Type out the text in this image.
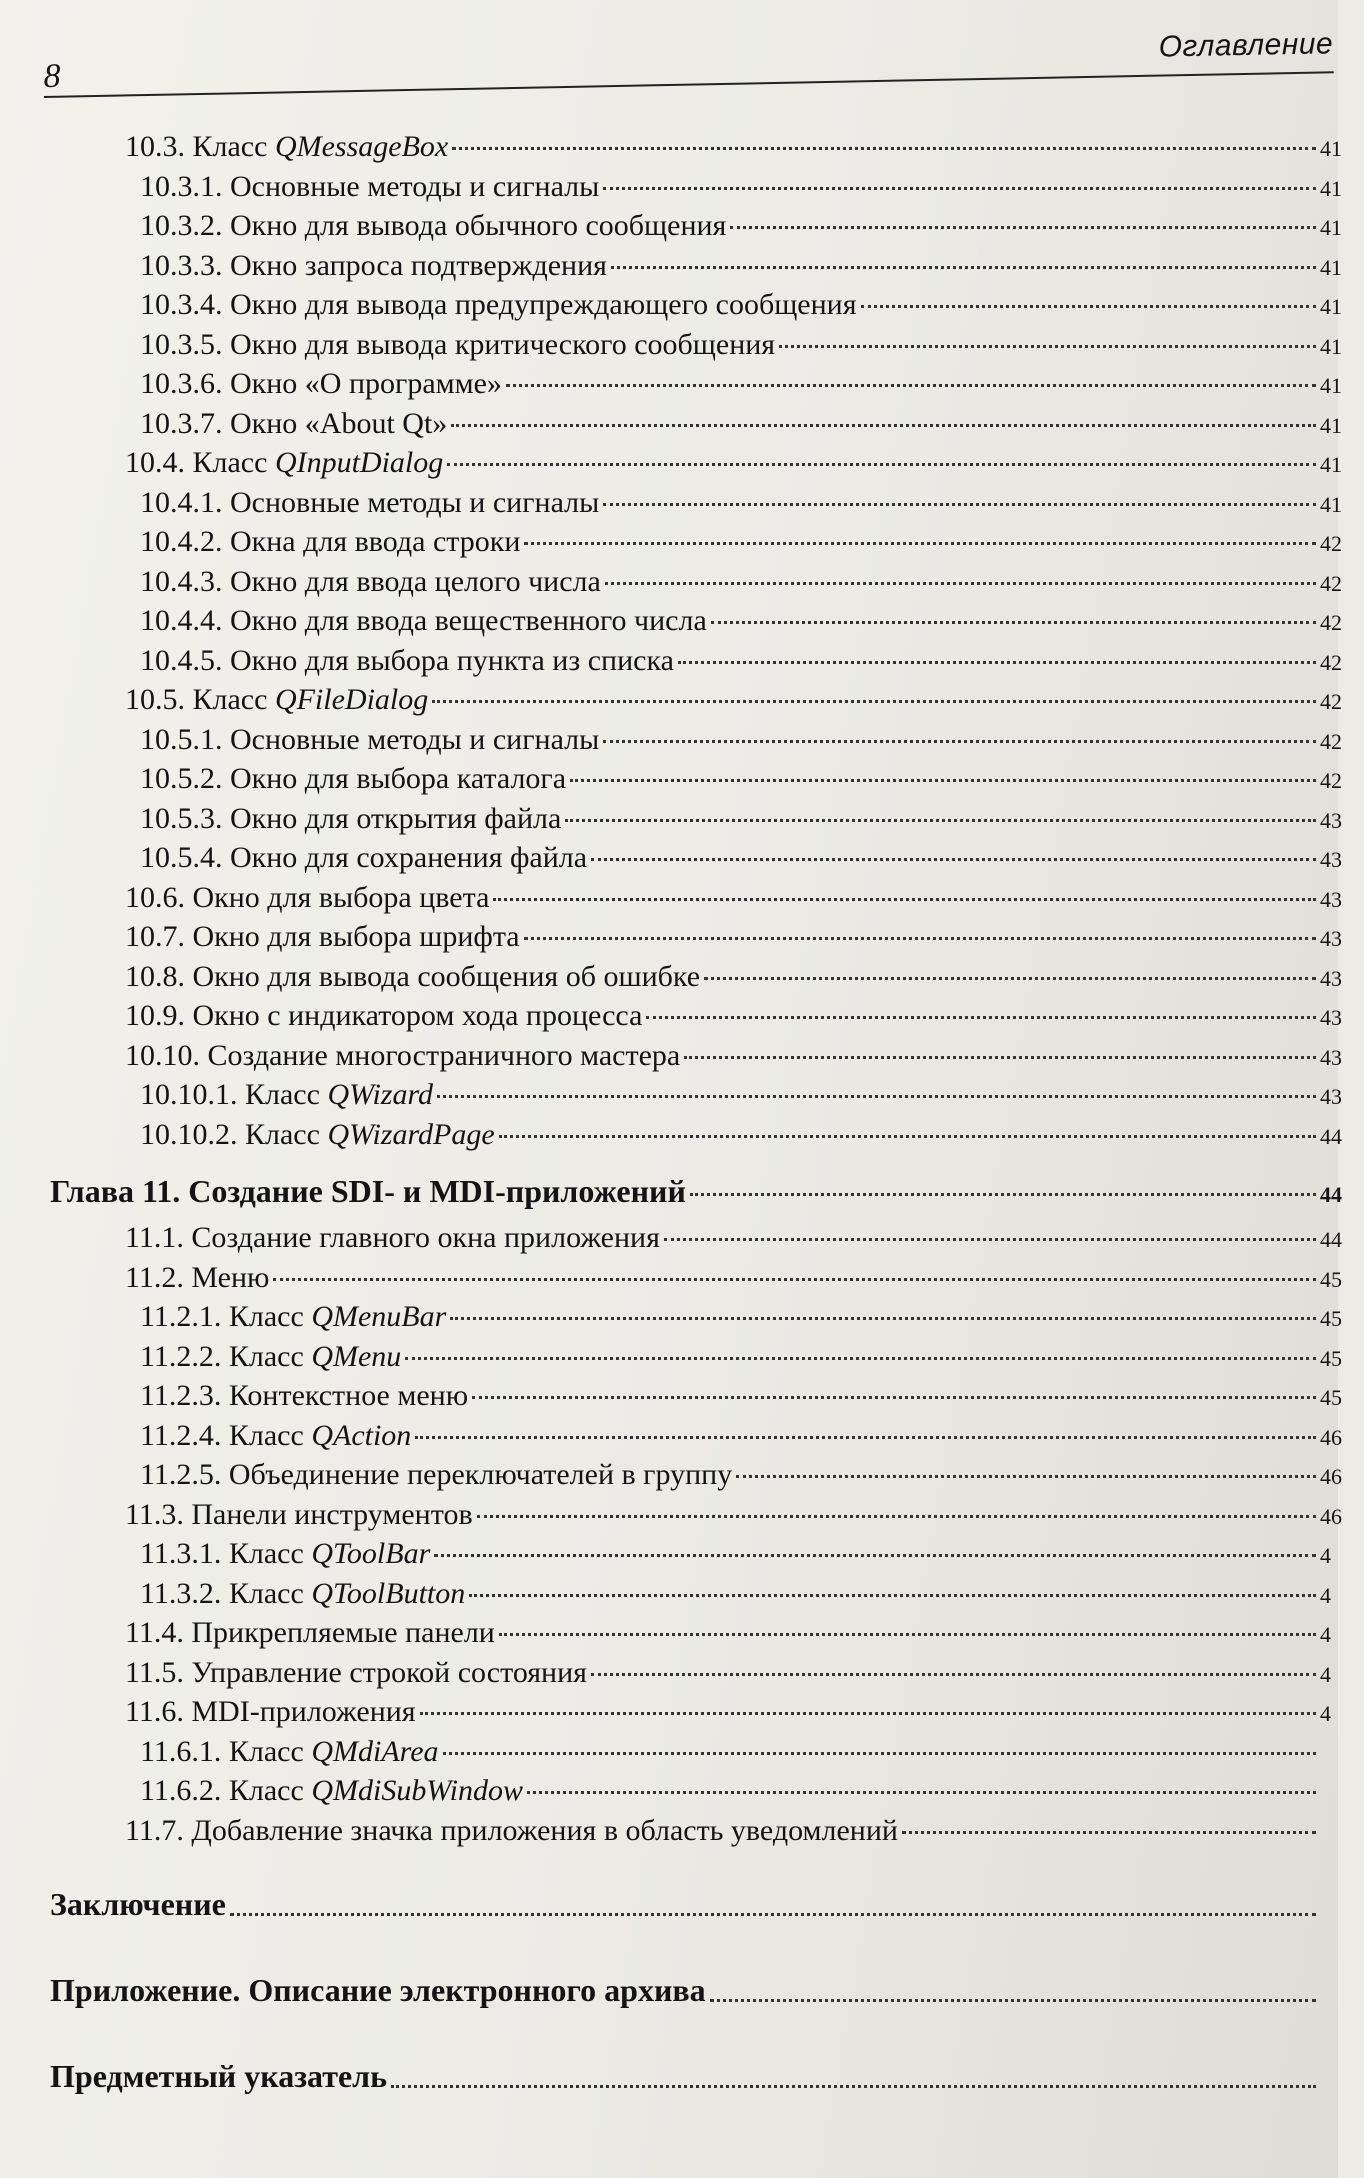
8
Оглавление
10.3. Класс QMessageBox	41
10.3.1. Основные методы и сигналы	41
10.3.2. Окно для вывода обычного сообщения	41
10.3.3. Окно запроса подтверждения	41
10.3.4. Окно для вывода предупреждающего сообщения	41
10.3.5. Окно для вывода критического сообщения	41
10.3.6. Окно «О программе»	41
10.3.7. Окно «About Qt»	41
10.4. Класс QInputDialog	41
10.4.1. Основные методы и сигналы	41
10.4.2. Окна для ввода строки	42
10.4.3. Окно для ввода целого числа	42
10.4.4. Окно для ввода вещественного числа	42
10.4.5. Окно для выбора пункта из списка	42
10.5. Класс QFileDialog	42
10.5.1. Основные методы и сигналы	42
10.5.2. Окно для выбора каталога	42
10.5.3. Окно для открытия файла	43
10.5.4. Окно для сохранения файла	43
10.6. Окно для выбора цвета	43
10.7. Окно для выбора шрифта	43
10.8. Окно для вывода сообщения об ошибке	43
10.9. Окно с индикатором хода процесса	43
10.10. Создание многостраничного мастера	43
10.10.1. Класс QWizard	43
10.10.2. Класс QWizardPage	44
Глава 11. Создание SDI- и MDI-приложений	44
11.1. Создание главного окна приложения	44
11.2. Меню	45
11.2.1. Класс QMenuBar	45
11.2.2. Класс QMenu	45
11.2.3. Контекстное меню	45
11.2.4. Класс QAction	46
11.2.5. Объединение переключателей в группу	46
11.3. Панели инструментов	46
11.3.1. Класс QToolBar	4
11.3.2. Класс QToolButton	4
11.4. Прикрепляемые панели	4
11.5. Управление строкой состояния	4
11.6. MDI-приложения	4
11.6.1. Класс QMdiArea
11.6.2. Класс QMdiSubWindow
11.7. Добавление значка приложения в область уведомлений
Заключение
Приложение. Описание электронного архива
Предметный указатель
